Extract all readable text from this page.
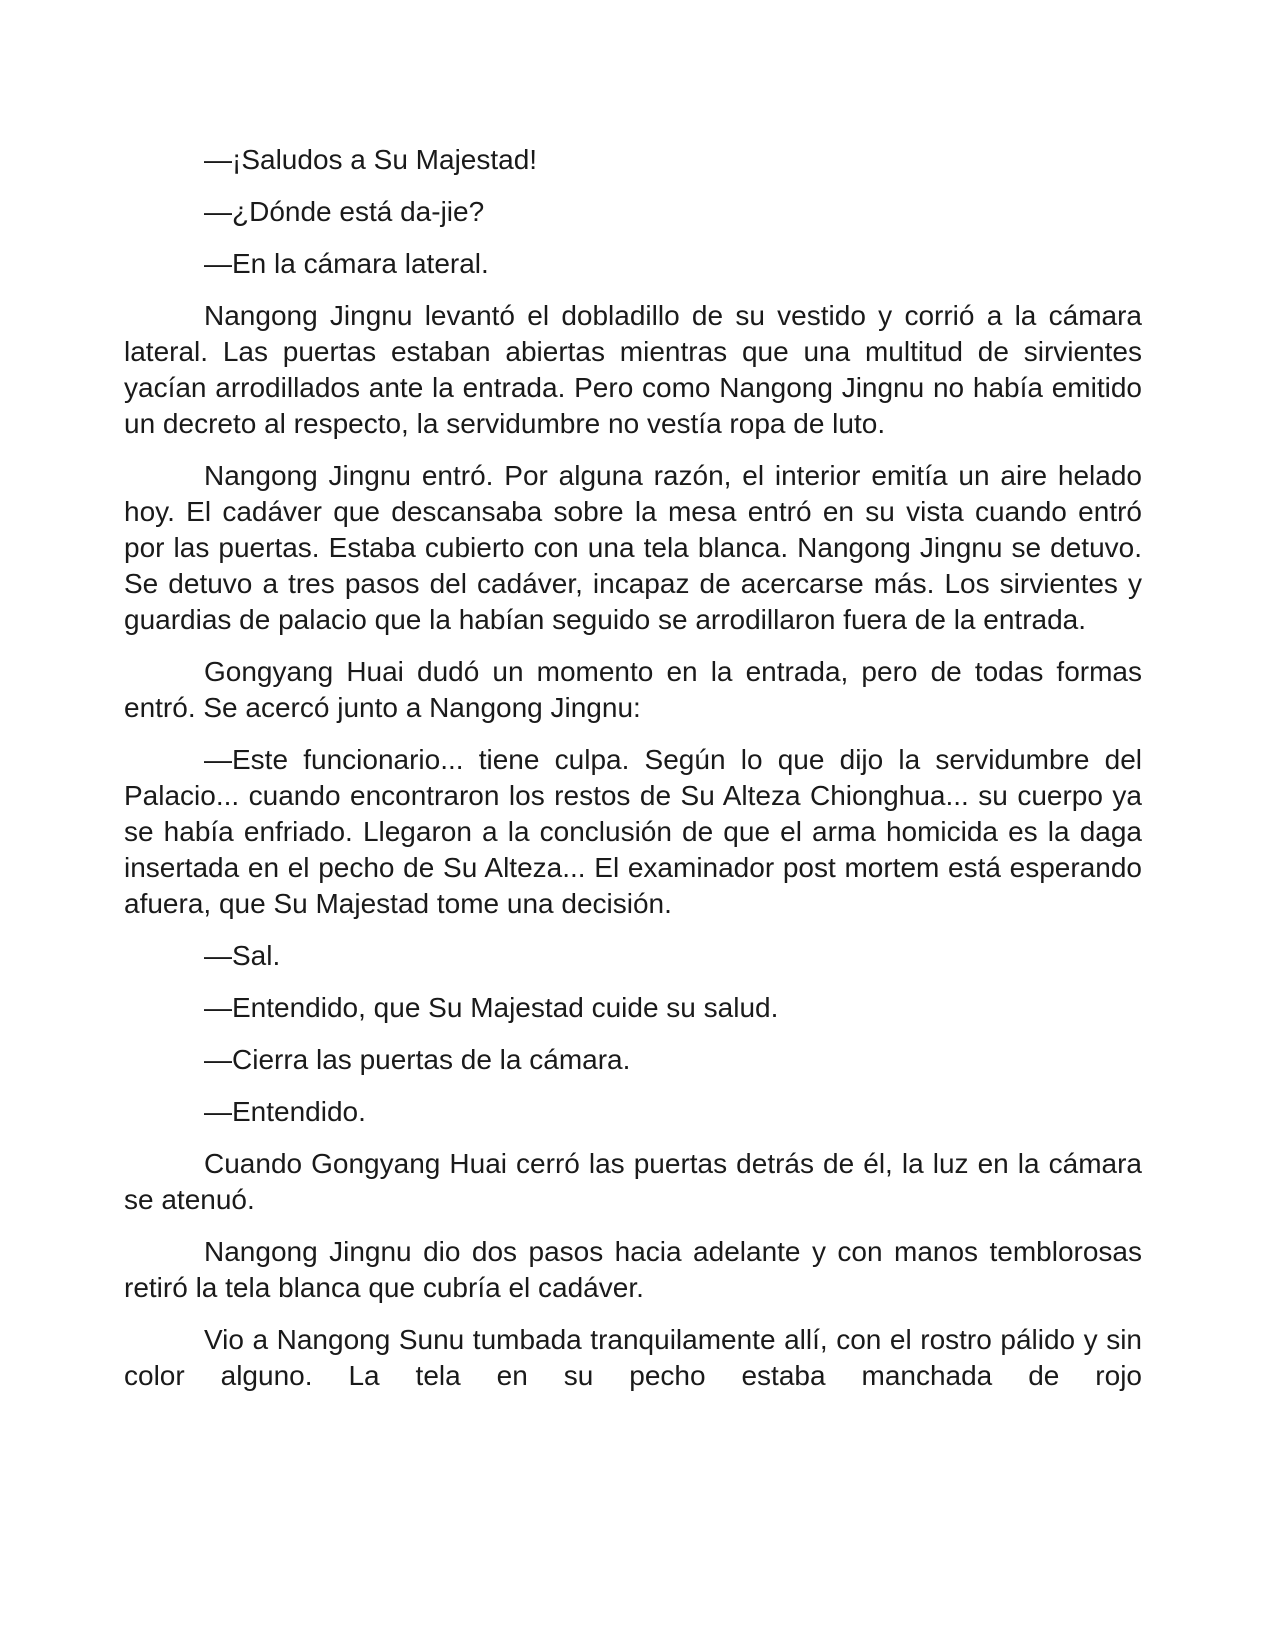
—¡Saludos a Su Majestad!

—¿Dónde está da-jie?

—En la cámara lateral.

Nangong Jingnu levantó el dobladillo de su vestido y corrió a la cámara lateral. Las puertas estaban abiertas mientras que una multitud de sirvientes yacían arrodillados ante la entrada. Pero como Nangong Jingnu no había emitido un decreto al respecto, la servidumbre no vestía ropa de luto.

Nangong Jingnu entró. Por alguna razón, el interior emitía un aire helado hoy. El cadáver que descansaba sobre la mesa entró en su vista cuando entró por las puertas. Estaba cubierto con una tela blanca. Nangong Jingnu se detuvo. Se detuvo a tres pasos del cadáver, incapaz de acercarse más. Los sirvientes y guardias de palacio que la habían seguido se arrodillaron fuera de la entrada.

Gongyang Huai dudó un momento en la entrada, pero de todas formas entró. Se acercó junto a Nangong Jingnu:

—Este funcionario... tiene culpa. Según lo que dijo la servidumbre del Palacio... cuando encontraron los restos de Su Alteza Chionghua... su cuerpo ya se había enfriado. Llegaron a la conclusión de que el arma homicida es la daga insertada en el pecho de Su Alteza... El examinador post mortem está esperando afuera, que Su Majestad tome una decisión.

—Sal.

—Entendido, que Su Majestad cuide su salud.

—Cierra las puertas de la cámara.

—Entendido.

Cuando Gongyang Huai cerró las puertas detrás de él, la luz en la cámara se atenuó.

Nangong Jingnu dio dos pasos hacia adelante y con manos temblorosas retiró la tela blanca que cubría el cadáver.

Vio a Nangong Sunu tumbada tranquilamente allí, con el rostro pálido y sin color alguno. La tela en su pecho estaba manchada de rojo
